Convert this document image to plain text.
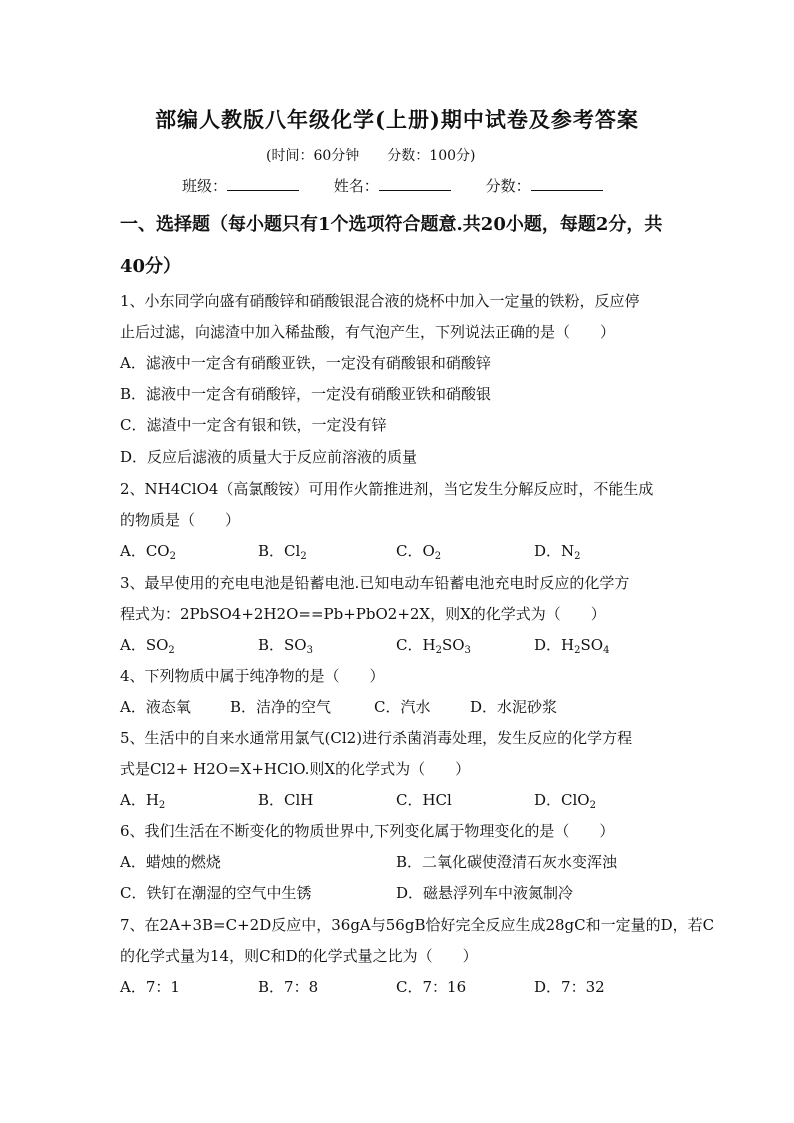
部编人教版八年级化学(上册)期中试卷及参考答案
(时间：60分钟 分数：100分)
班级：	姓名：	分数：
一、选择题（每小题只有1个选项符合题意.共20小题，每题2分，共
40分）
1、小东同学向盛有硝酸锌和硝酸银混合液的烧杯中加入一定量的铁粉，反应停
止后过滤，向滤渣中加入稀盐酸，有气泡产生，下列说法正确的是（　　）
A．滤液中一定含有硝酸亚铁，一定没有硝酸银和硝酸锌
B．滤液中一定含有硝酸锌，一定没有硝酸亚铁和硝酸银
C．滤渣中一定含有银和铁，一定没有锌
D．反应后滤液的质量大于反应前溶液的质量
2、NH4ClO4（高氯酸铵）可用作火箭推进剂，当它发生分解反应时，不能生成
的物质是（　　）
A．$CO_2$	B．$Cl_2$	C．$O_2$	D．$N_2$
3、最早使用的充电电池是铅蓄电池.已知电动车铅蓄电池充电时反应的化学方
程式为：2PbSO4+2H2O==Pb+PbO2+2X，则X的化学式为（　　）
A．$SO_2$	B．$SO_3$	C．$H_2SO_3$	D．$H_2SO_4$
4、下列物质中属于纯净物的是（　　）
A．液态氧	B．洁净的空气	C．汽水	D．水泥砂浆
5、生活中的自来水通常用氯气(Cl2)进行杀菌消毒处理，发生反应的化学方程
式是Cl2+ H2O=X+HClO.则X的化学式为（　　）
A．$H_2$	B．ClH	C．HCl	D．ClO$_2$
6、我们生活在不断变化的物质世界中,下列变化属于物理变化的是（　　）
A．蜡烛的燃烧	B．二氧化碳使澄清石灰水变浑浊
C．铁钉在潮湿的空气中生锈	D．磁悬浮列车中液氮制冷
7、在2A+3B=C+2D反应中，36gA与56gB恰好完全反应生成28gC和一定量的D，若C
的化学式量为14，则C和D的化学式量之比为（　　）
A．7：1	B．7：8	C．7：16	D．7：32
